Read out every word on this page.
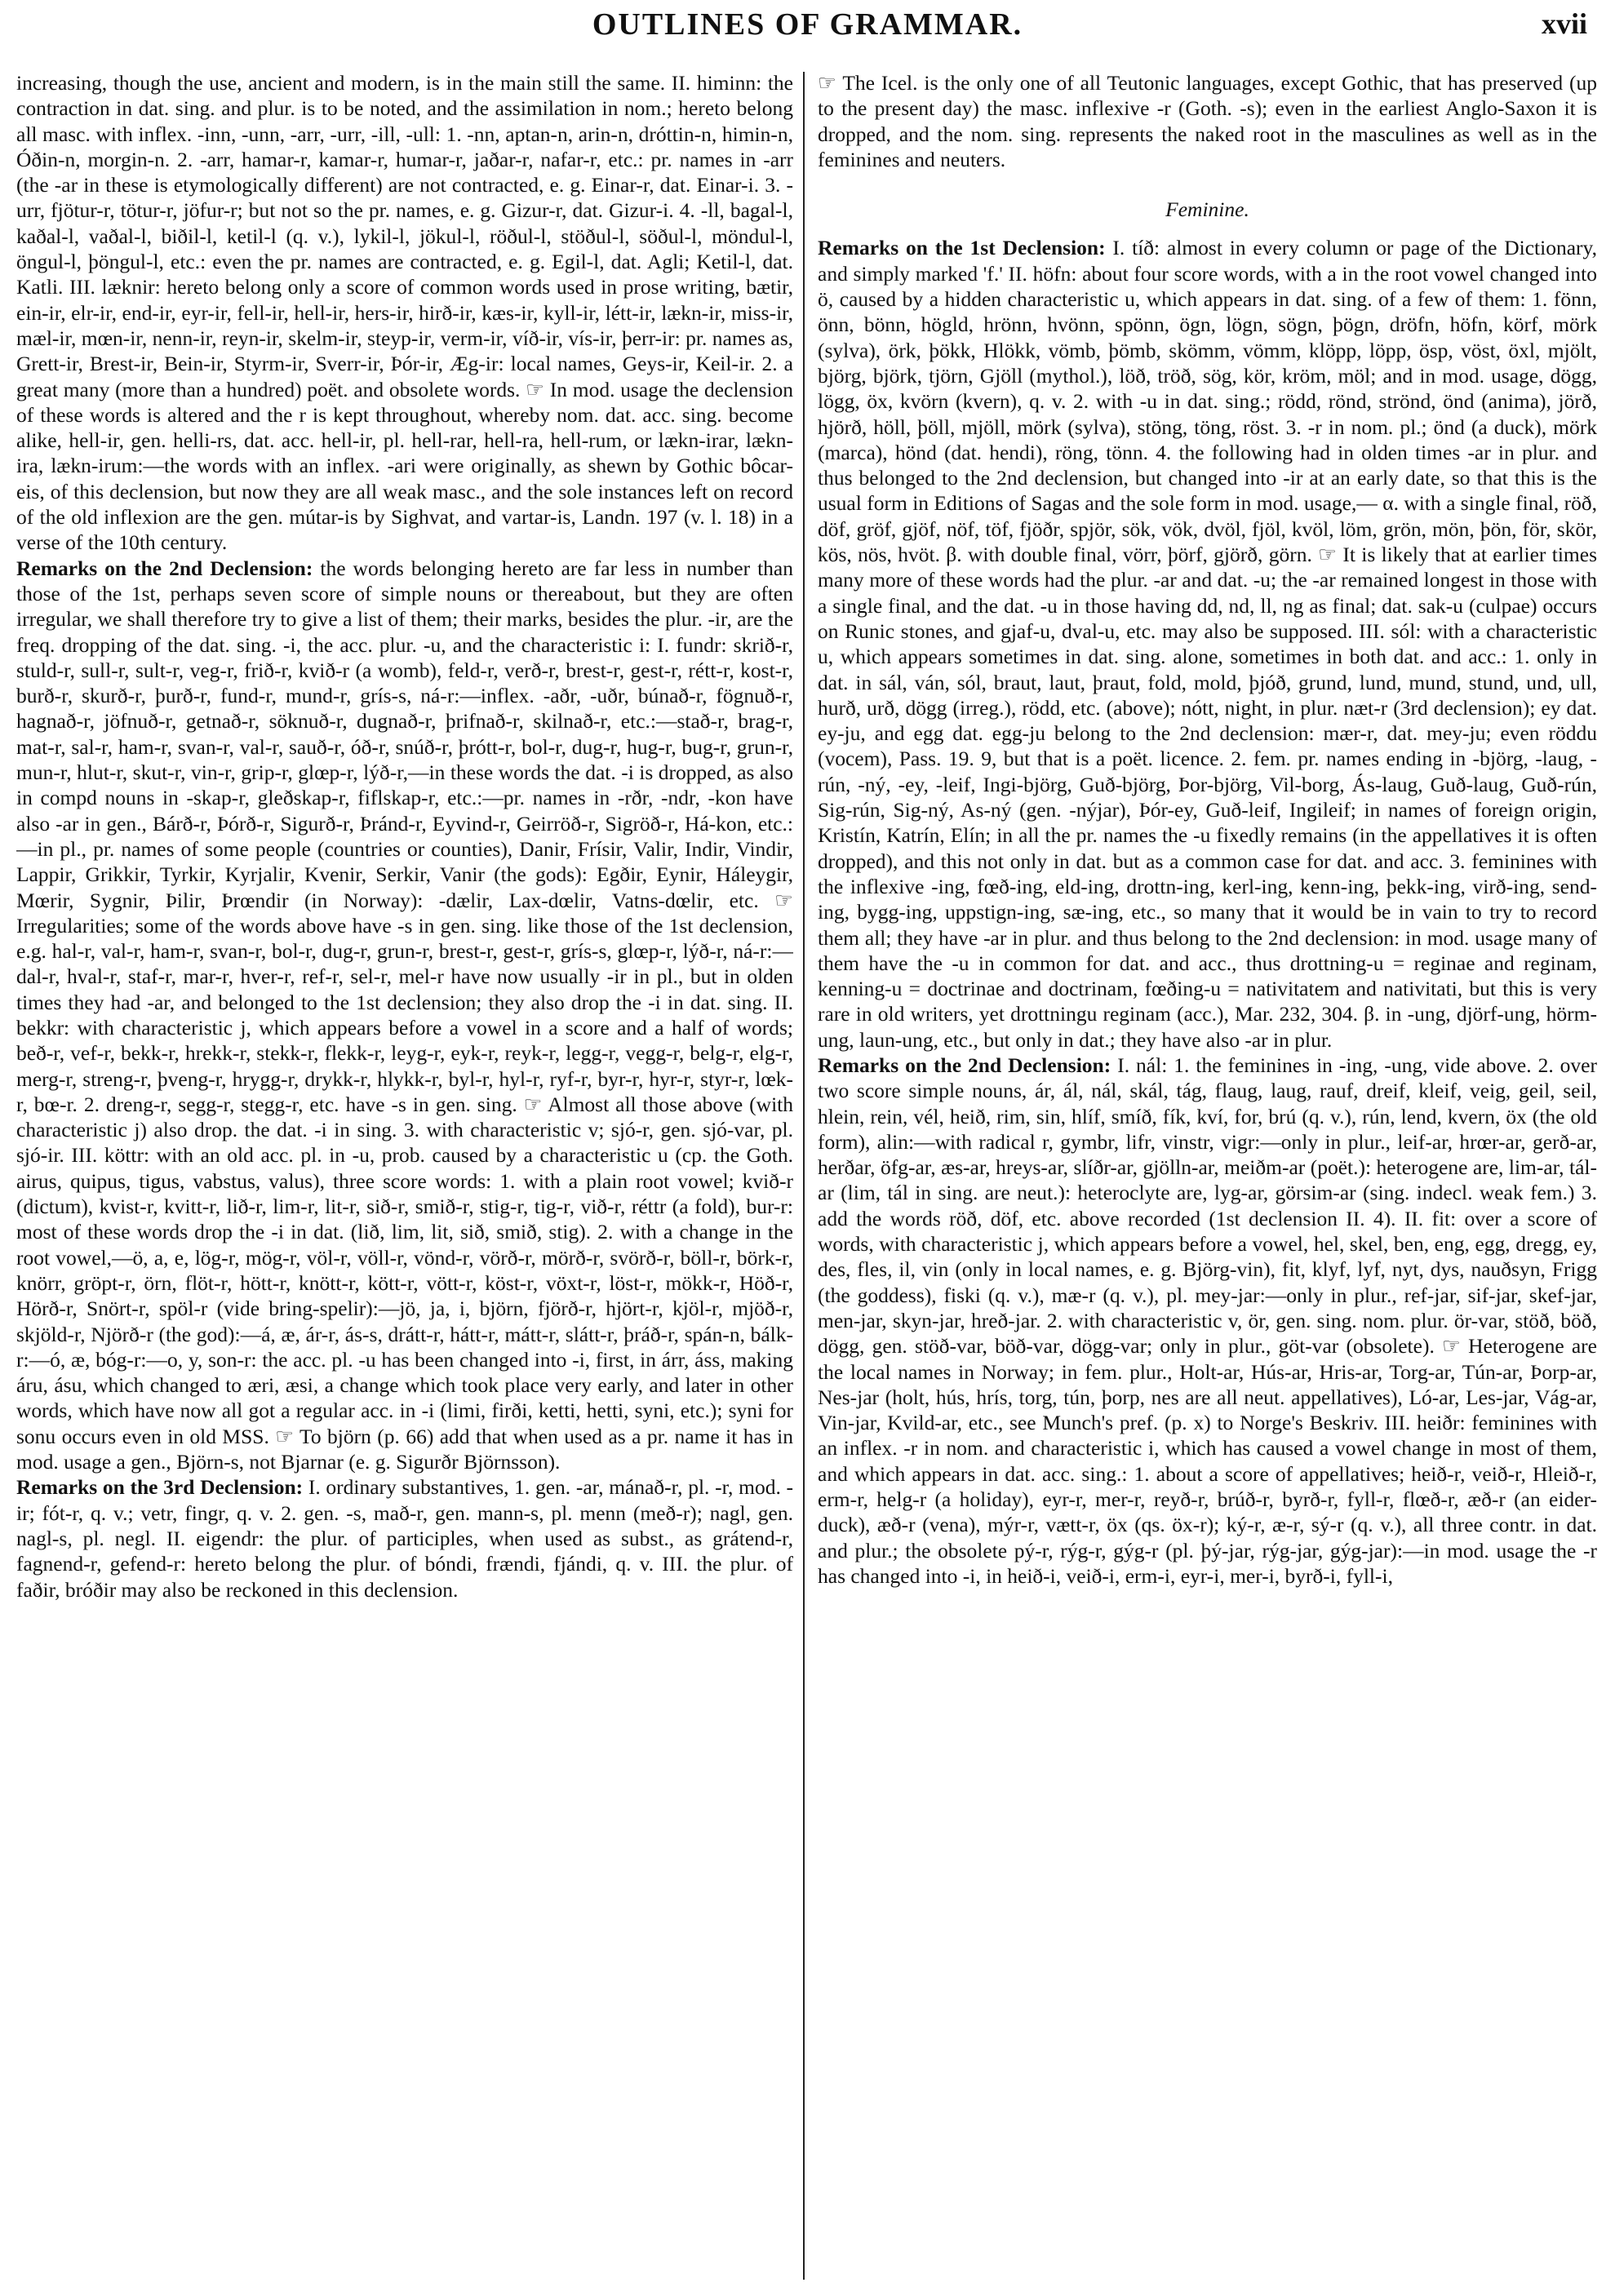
OUTLINES OF GRAMMAR.	xvii

increasing, though the use, ancient and modern, is in the main still the same. II. himinn: the contraction in dat. sing. and plur. is to be noted, and the assimilation in nom.; hereto belong all masc. with inflex. -inn, -unn, -arr, -urr, -ill, -ull: 1. -nn, aptan-n, arin-n, dróttin-n, himin-n, Óðin-n, morgin-n. 2. -arr, hamar-r, kamar-r, humar-r, jaðar-r, nafar-r, etc.: pr. names in -arr (the -ar in these is etymologically different) are not contracted, e. g. Einar-r, dat. Einar-i. 3. -urr, fjötur-r, tötur-r, jöfur-r; but not so the pr. names, e. g. Gizur-r, dat. Gizur-i. 4. -ll, bagal-l, kaðal-l, vaðal-l, biðil-l, ketil-l (q. v.), lykil-l, jökul-l, röðul-l, stöðul-l, söðul-l, möndul-l, öngul-l, þöngul-l, etc.: even the pr. names are contracted, e. g. Egil-l, dat. Agli; Ketil-l, dat. Katli. III. læknir: hereto belong only a score of common words used in prose writing, bætir, ein-ir, elr-ir, end-ir, eyr-ir, fell-ir, hell-ir, hers-ir, hirð-ir, kæs-ir, kyll-ir, létt-ir, lækn-ir, miss-ir, mæl-ir, mœn-ir, nenn-ir, reyn-ir, skelm-ir, steyp-ir, verm-ir, víð-ir, vís-ir, þerr-ir: pr. names as, Grett-ir, Brest-ir, Bein-ir, Styrm-ir, Sverr-ir, Þór-ir, Æg-ir: local names, Geys-ir, Keil-ir. 2. a great many (more than a hundred) poët. and obsolete words. ☞ In mod. usage the declension of these words is altered and the r is kept throughout, whereby nom. dat. acc. sing. become alike, hell-ir, gen. helli-rs, dat. acc. hell-ir, pl. hell-rar, hell-ra, hell-rum, or lækn-irar, lækn-ira, lækn-irum:—the words with an inflex. -ari were originally, as shewn by Gothic bôcar-eis, of this declension, but now they are all weak masc., and the sole instances left on record of the old inflexion are the gen. mútar-is by Sighvat, and vartar-is, Landn. 197 (v. l. 18) in a verse of the 10th century.

Remarks on the 2nd Declension: the words belonging hereto are far less in number than those of the 1st, perhaps seven score of simple nouns or thereabout, but they are often irregular, we shall therefore try to give a list of them; their marks, besides the plur. -ir, are the freq. dropping of the dat. sing. -i, the acc. plur. -u, and the characteristic i: I. fundr: skrið-r, stuld-r, sull-r, sult-r, veg-r, frið-r, kvið-r (a womb), feld-r, verð-r, brest-r, gest-r, rétt-r, kost-r, burð-r, skurð-r, þurð-r, fund-r, mund-r, grís-s, ná-r:—inflex. -aðr, -uðr, búnað-r, fögnuð-r, hagnað-r, jöfnuð-r, getnað-r, söknuð-r, dugnað-r, þrifnað-r, skilnað-r, etc.:—stað-r, brag-r, mat-r, sal-r, ham-r, svan-r, val-r, sauð-r, óð-r, snúð-r, þrótt-r, bol-r, dug-r, hug-r, bug-r, grun-r, mun-r, hlut-r, skut-r, vin-r, grip-r, glœp-r, lýð-r,—in these words the dat. -i is dropped, as also in compd nouns in -skap-r, gleðskap-r, fiflskap-r, etc.:—pr. names in -rðr, -ndr, -kon have also -ar in gen., Bárð-r, Þórð-r, Sigurð-r, Þránd-r, Eyvind-r, Geirröð-r, Sigröð-r, Há-kon, etc.:—in pl., pr. names of some people (countries or counties), Danir, Frísir, Valir, Indir, Vindir, Lappir, Grikkir, Tyrkir, Kyrjalir, Kvenir, Serkir, Vanir (the gods): Egðir, Eynir, Háleygir, Mœrir, Sygnir, Þilir, Þrœndir (in Norway): -dælir, Lax-dœlir, Vatns-dœlir, etc. ☞ Irregularities; some of the words above have -s in gen. sing. like those of the 1st declension, e.g. hal-r, val-r, ham-r, svan-r, bol-r, dug-r, grun-r, brest-r, gest-r, grís-s, glœp-r, lýð-r, ná-r:—dal-r, hval-r, staf-r, mar-r, hver-r, ref-r, sel-r, mel-r have now usually -ir in pl., but in olden times they had -ar, and belonged to the 1st declension; they also drop the -i in dat. sing. II. bekkr: with characteristic j, which appears before a vowel in a score and a half of words; beð-r, vef-r, bekk-r, hrekk-r, stekk-r, flekk-r, leyg-r, eyk-r, reyk-r, legg-r, vegg-r, belg-r, elg-r, merg-r, streng-r, þveng-r, hrygg-r, drykk-r, hlykk-r, byl-r, hyl-r, ryf-r, byr-r, hyr-r, styr-r, lœk-r, bœ-r. 2. dreng-r, segg-r, stegg-r, etc. have -s in gen. sing. ☞ Almost all those above (with characteristic j) also drop. the dat. -i in sing. 3. with characteristic v; sjó-r, gen. sjó-var, pl. sjó-ir. III. köttr: with an old acc. pl. in -u, prob. caused by a characteristic u (cp. the Goth. airus, quipus, tigus, vabstus, valus), three score words: 1. with a plain root vowel; kvið-r (dictum), kvist-r, kvitt-r, lið-r, lim-r, lit-r, sið-r, smið-r, stig-r, tig-r, við-r, réttr (a fold), bur-r: most of these words drop the -i in dat. (lið, lim, lit, sið, smið, stig). 2. with a change in the root vowel,—ö, a, e, lög-r, mög-r, völ-r, völl-r, vönd-r, vörð-r, mörð-r, svörð-r, böll-r, börk-r, knörr, gröpt-r, örn, flöt-r, hött-r, knött-r, kött-r, vött-r, köst-r, vöxt-r, löst-r, mökk-r, Höð-r, Hörð-r, Snört-r, spöl-r (vide bring-spelir):—jö, ja, i, björn, fjörð-r, hjört-r, kjöl-r, mjöð-r, skjöld-r, Njörð-r (the god):—á, æ, ár-r, ás-s, drátt-r, hátt-r, mátt-r, slátt-r, þráð-r, spán-n, bálk-r:—ó, æ, bóg-r:—o, y, son-r: the acc. pl. -u has been changed into -i, first, in árr, áss, making áru, ásu, which changed to æri, æsi, a change which took place very early, and later in other words, which have now all got a regular acc. in -i (limi, firði, ketti, hetti, syni, etc.); syni for sonu occurs even in old MSS. ☞ To björn (p. 66) add that when used as a pr. name it has in mod. usage a gen., Björn-s, not Bjarnar (e. g. Sigurðr Björnsson).

Remarks on the 3rd Declension: I. ordinary substantives, 1. gen. -ar, mánað-r, pl. -r, mod. -ir; fót-r, q. v.; vetr, fingr, q. v. 2. gen. -s, mað-r, gen. mann-s, pl. menn (með-r); nagl, gen. nagl-s, pl. negl. II. eigendr: the plur. of participles, when used as subst., as grátend-r, fagnend-r, gefend-r: hereto belong the plur. of bóndi, frændi, fjándi, q. v. III. the plur. of faðir, bróðir may also be reckoned in this declension.

☞ The Icel. is the only one of all Teutonic languages, except Gothic, that has preserved (up to the present day) the masc. inflexive -r (Goth. -s); even in the earliest Anglo-Saxon it is dropped, and the nom. sing. represents the naked root in the masculines as well as in the feminines and neuters.

Feminine.

Remarks on the 1st Declension: I. tíð: almost in every column or page of the Dictionary, and simply marked 'f.' II. höfn: about four score words, with a in the root vowel changed into ö, caused by a hidden characteristic u, which appears in dat. sing. of a few of them: 1. fönn, önn, bönn, högld, hrönn, hvönn, spönn, ögn, lögn, sögn, þögn, dröfn, höfn, körf, mörk (sylva), örk, þökk, Hlökk, vömb, þömb, skömm, vömm, klöpp, löpp, ösp, vöst, öxl, mjölt, björg, björk, tjörn, Gjöll (mythol.), löð, tröð, sög, kör, kröm, möl; and in mod. usage, dögg, lögg, öx, kvörn (kvern), q. v. 2. with -u in dat. sing.; rödd, rönd, strönd, önd (anima), jörð, hjörð, höll, þöll, mjöll, mörk (sylva), stöng, töng, röst. 3. -r in nom. pl.; önd (a duck), mörk (marca), hönd (dat. hendi), röng, tönn. 4. the following had in olden times -ar in plur. and thus belonged to the 2nd declension, but changed into -ir at an early date, so that this is the usual form in Editions of Sagas and the sole form in mod. usage,— α. with a single final, röð, döf, gröf, gjöf, nöf, töf, fjöðr, spjör, sök, vök, dvöl, fjöl, kvöl, löm, grön, mön, þön, för, skör, kös, nös, hvöt. β. with double final, vörr, þörf, gjörð, görn. ☞ It is likely that at earlier times many more of these words had the plur. -ar and dat. -u; the -ar remained longest in those with a single final, and the dat. -u in those having dd, nd, ll, ng as final; dat. sak-u (culpae) occurs on Runic stones, and gjaf-u, dval-u, etc. may also be supposed. III. sól: with a characteristic u, which appears sometimes in dat. sing. alone, sometimes in both dat. and acc.: 1. only in dat. in sál, ván, sól, braut, laut, þraut, fold, mold, þjóð, grund, lund, mund, stund, und, ull, hurð, urð, dögg (irreg.), rödd, etc. (above); nótt, night, in plur. næt-r (3rd declension); ey dat. ey-ju, and egg dat. egg-ju belong to the 2nd declension: mær-r, dat. mey-ju; even röddu (vocem), Pass. 19. 9, but that is a poët. licence. 2. fem. pr. names ending in -björg, -laug, -rún, -ný, -ey, -leif, Ingi-björg, Guð-björg, Þor-björg, Vil-borg, Ás-laug, Guð-laug, Guð-rún, Sig-rún, Sig-ný, As-ný (gen. -nýjar), Þór-ey, Guð-leif, Ingileif; in names of foreign origin, Kristín, Katrín, Elín; in all the pr. names the -u fixedly remains (in the appellatives it is often dropped), and this not only in dat. but as a common case for dat. and acc. 3. feminines with the inflexive -ing, fœð-ing, eld-ing, drottn-ing, kerl-ing, kenn-ing, þekk-ing, virð-ing, send-ing, bygg-ing, uppstign-ing, sæ-ing, etc., so many that it would be in vain to try to record them all; they have -ar in plur. and thus belong to the 2nd declension: in mod. usage many of them have the -u in common for dat. and acc., thus drottning-u = reginae and reginam, kenning-u = doctrinae and doctrinam, fœðing-u = nativitatem and nativitati, but this is very rare in old writers, yet drottningu reginam (acc.), Mar. 232, 304. β. in -ung, djörf-ung, hörm-ung, laun-ung, etc., but only in dat.; they have also -ar in plur.

Remarks on the 2nd Declension: I. nál: 1. the feminines in -ing, -ung, vide above. 2. over two score simple nouns, ár, ál, nál, skál, tág, flaug, laug, rauf, dreif, kleif, veig, geil, seil, hlein, rein, vél, heið, rim, sin, hlíf, smíð, fík, kví, for, brú (q. v.), rún, lend, kvern, öx (the old form), alin:—with radical r, gymbr, lifr, vinstr, vigr:—only in plur., leif-ar, hrœr-ar, gerð-ar, herðar, öfg-ar, æs-ar, hreys-ar, slíðr-ar, gjölln-ar, meiðm-ar (poët.): heterogene are, lim-ar, tál-ar (lim, tál in sing. are neut.): heteroclyte are, lyg-ar, görsim-ar (sing. indecl. weak fem.) 3. add the words röð, döf, etc. above recorded (1st declension II. 4). II. fit: over a score of words, with characteristic j, which appears before a vowel, hel, skel, ben, eng, egg, dregg, ey, des, fles, il, vin (only in local names, e. g. Björg-vin), fit, klyf, lyf, nyt, dys, nauðsyn, Frigg (the goddess), fiski (q. v.), mæ-r (q. v.), pl. mey-jar:—only in plur., ref-jar, sif-jar, skef-jar, men-jar, skyn-jar, hreð-jar. 2. with characteristic v, ör, gen. sing. nom. plur. ör-var, stöð, böð, dögg, gen. stöð-var, böð-var, dögg-var; only in plur., göt-var (obsolete). ☞ Heterogene are the local names in Norway; in fem. plur., Holt-ar, Hús-ar, Hris-ar, Torg-ar, Tún-ar, Þorp-ar, Nes-jar (holt, hús, hrís, torg, tún, þorp, nes are all neut. appellatives), Ló-ar, Les-jar, Vág-ar, Vin-jar, Kvild-ar, etc., see Munch's pref. (p. x) to Norge's Beskriv. III. heiðr: feminines with an inflex. -r in nom. and characteristic i, which has caused a vowel change in most of them, and which appears in dat. acc. sing.: 1. about a score of appellatives; heið-r, veið-r, Hleið-r, erm-r, helg-r (a holiday), eyr-r, mer-r, reyð-r, brúð-r, byrð-r, fyll-r, flœð-r, æð-r (an eider-duck), æð-r (vena), mýr-r, vætt-r, öx (qs. öx-r); ký-r, æ-r, sý-r (q. v.), all three contr. in dat. and plur.; the obsolete pý-r, rýg-r, gýg-r (pl. þý-jar, rýg-jar, gýg-jar):—in mod. usage the -r has changed into -i, in heið-i, veið-i, erm-i, eyr-i, mer-i, byrð-i, fyll-i,
